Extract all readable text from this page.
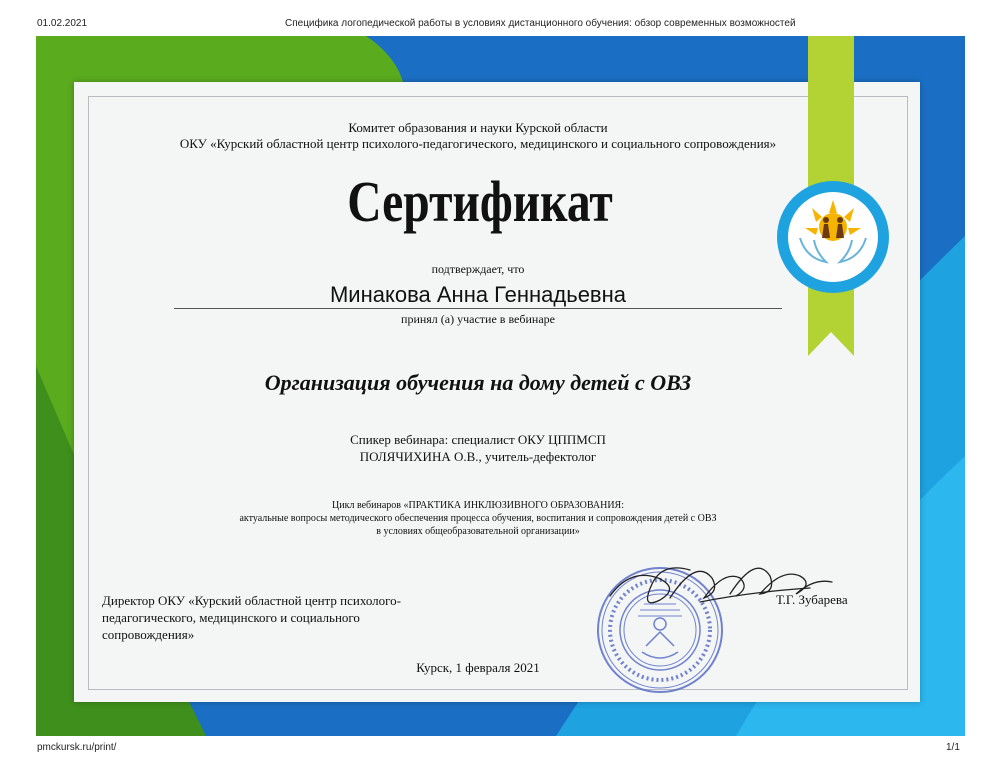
01.02.2021	Специфика логопедической работы в условиях дистанционного обучения: обзор современных возможностей
Комитет образования и науки Курской области
ОКУ «Курский областной центр психолого-педагогического, медицинского и социального сопровождения»
Сертификат
подтверждает, что
Минакова Анна Геннадьевна
принял (а) участие в вебинаре
Организация обучения на дому детей с ОВЗ
Спикер вебинара: специалист ОКУ ЦППМСП
ПОЛЯЧИХИНА О.В., учитель-дефектолог
Цикл вебинаров «ПРАКТИКА ИНКЛЮЗИВНОГО ОБРАЗОВАНИЯ:
актуальные вопросы методического обеспечения процесса обучения, воспитания и сопровождения детей с ОВЗ
в условиях общеобразовательной организации»
Директор ОКУ «Курский областной центр психолого-педагогического, медицинского и социального сопровождения»
Т.Г. Зубарева
Курск, 1 февраля 2021
pmckursk.ru/print/	1/1
